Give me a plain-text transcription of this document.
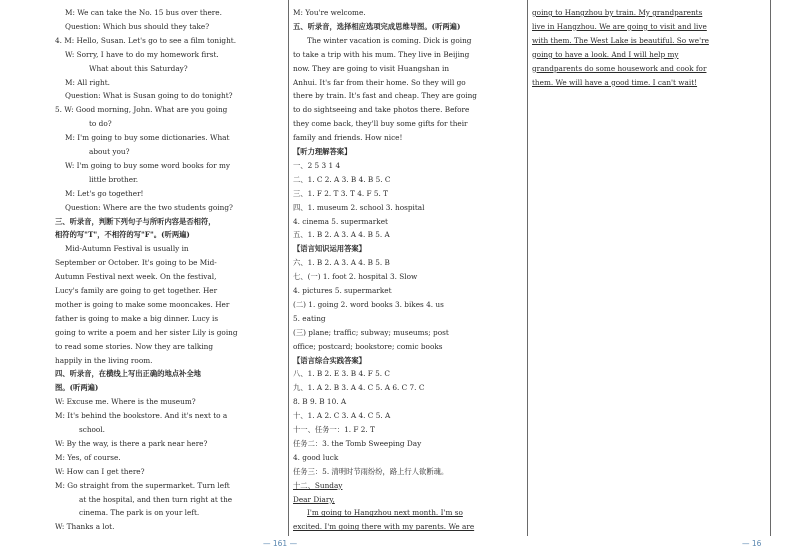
M: We can take the No. 15 bus over there.
Question: Which bus should they take?
4. M: Hello, Susan. Let's go to see a film tonight.
W: Sorry, I have to do my homework first.
What about this Saturday?
M: All right.
Question: What is Susan going to do tonight?
5. W: Good morning, John. What are you going
to do?
M: I'm going to buy some dictionaries. What
about you?
W: I'm going to buy some word books for my
little brother.
M: Let's go together!
Question: Where are the two students going?
三、听录音，判断下列句子与所听内容是否相符，
相符的写"T"，不相符的写"F"。(听两遍)
Mid-Autumn Festival is usually in
September or October. It's going to be Mid-
Autumn Festival next week. On the festival,
Lucy's family are going to get together. Her
mother is going to make some mooncakes. Her
father is going to make a big dinner. Lucy is
going to write a poem and her sister Lily is going
to read some stories. Now they are talking
happily in the living room.
四、听录音，在横线上写出正确的地点补全地
图。(听两遍)
W: Excuse me. Where is the museum?
M: It's behind the bookstore. And it's next to a
school.
W: By the way, is there a park near here?
M: Yes, of course.
W: How can I get there?
M: Go straight from the supermarket. Turn left
at the hospital, and then turn right at the
cinema. The park is on your left.
W: Thanks a lot.
M: You're welcome.
五、听录音，选择相应选项完成思维导图。(听两遍)
The winter vacation is coming. Dick is going
to take a trip with his mum. They live in Beijing
now. They are going to visit Huangshan in
Anhui. It's far from their home. So they will go
there by train. It's fast and cheap. They are going
to do sightseeing and take photos there. Before
they come back, they'll buy some gifts for their
family and friends. How nice!
【听力理解答案】
一、2 5 3 1 4
二、1. C 2. A 3. B 4. B 5. C
三、1. F 2. T 3. T 4. F 5. T
四、1. museum 2. school 3. hospital
4. cinema 5. supermarket
五、1. B 2. A 3. A 4. B 5. A
【语言知识运用答案】
六、1. B 2. A 3. A 4. B 5. B
七、(一) 1. foot 2. hospital 3. Slow
4. pictures 5. supermarket
(二) 1. going 2. word books 3. bikes 4. us
5. eating
(三) plane; traffic; subway; museums; post
office; postcard; bookstore; comic books
【语言综合实践答案】
八、1. B 2. E 3. B 4. F 5. C
九、1. A 2. B 3. A 4. C 5. A 6. C 7. C
8. B 9. B 10. A
十、1. A 2. C 3. A 4. C 5. A
十一、任务一：1. F 2. T
任务二：3. the Tomb Sweeping Day
4. good luck
任务三：5. 清明时节雨纷纷，路上行人欲断魂。
十二、Sunday
Dear Diary,
I'm going to Hangzhou next month. I'm so
excited. I'm going there with my parents. We are
going to Hangzhou by train. My grandparents
live in Hangzhou. We are going to visit and live
with them. The West Lake is beautiful. So we're
going to have a look. And I will help my
grandparents do some housework and cook for
them. We will have a good time. I can't wait!
— 161 —	— 16
